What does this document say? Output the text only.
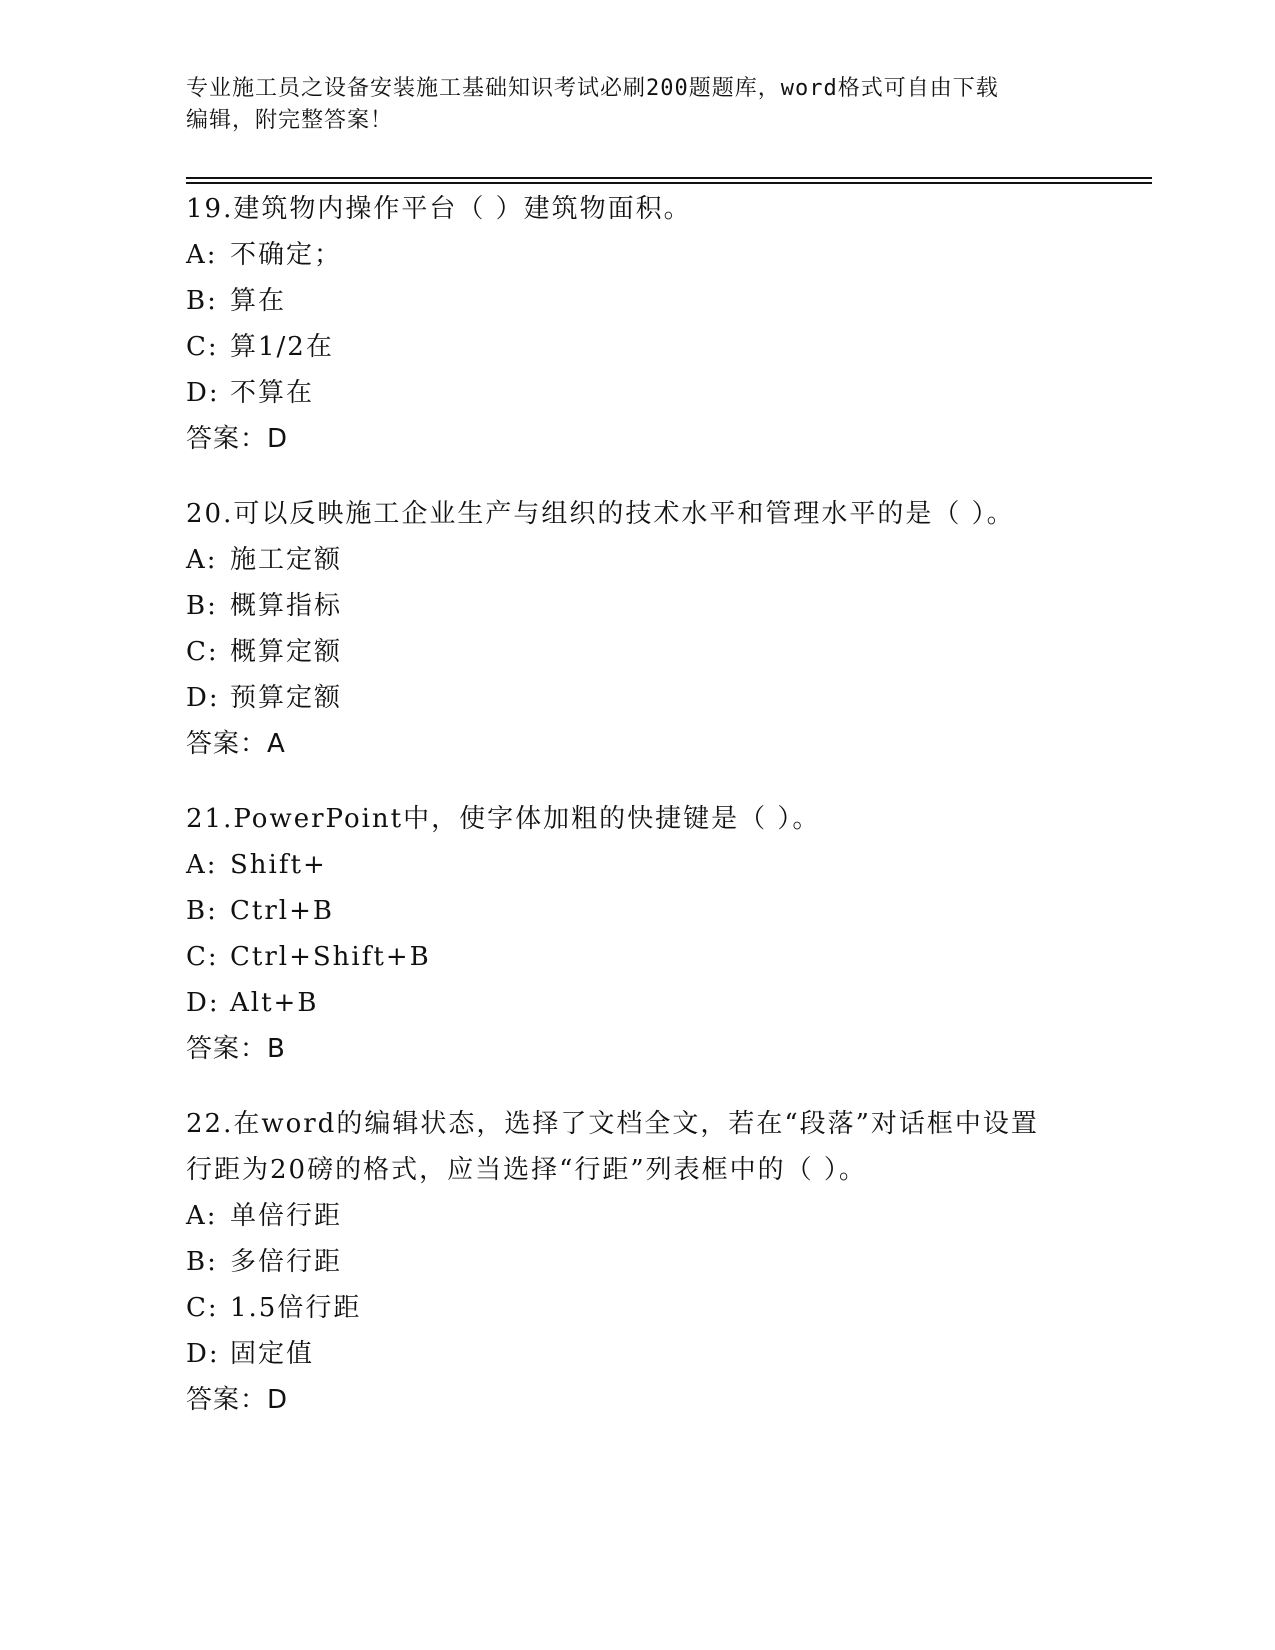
专业施工员之设备安装施工基础知识考试必刷200题题库，word格式可自由下载
编辑，附完整答案！

19.建筑物内操作平台（ ）建筑物面积。

A: 不确定；
B: 算在
C: 算1/2在
D: 不算在
答案： D

20.可以反映施工企业生产与组织的技术水平和管理水平的是（ ）。

A: 施工定额
B: 概算指标
C: 概算定额
D: 预算定额
答案： A

21.PowerPoint中，使字体加粗的快捷键是（ ）。

A: Shift+
B: Ctrl+B
C: Ctrl+Shift+B
D: Alt+B
答案： B

22.在word的编辑状态，选择了文档全文，若在“段落”对话框中设置行距为20磅的格式，应当选择“行距”列表框中的（ ）。

A: 单倍行距
B: 多倍行距
C: 1.5倍行距
D: 固定值
答案： D
